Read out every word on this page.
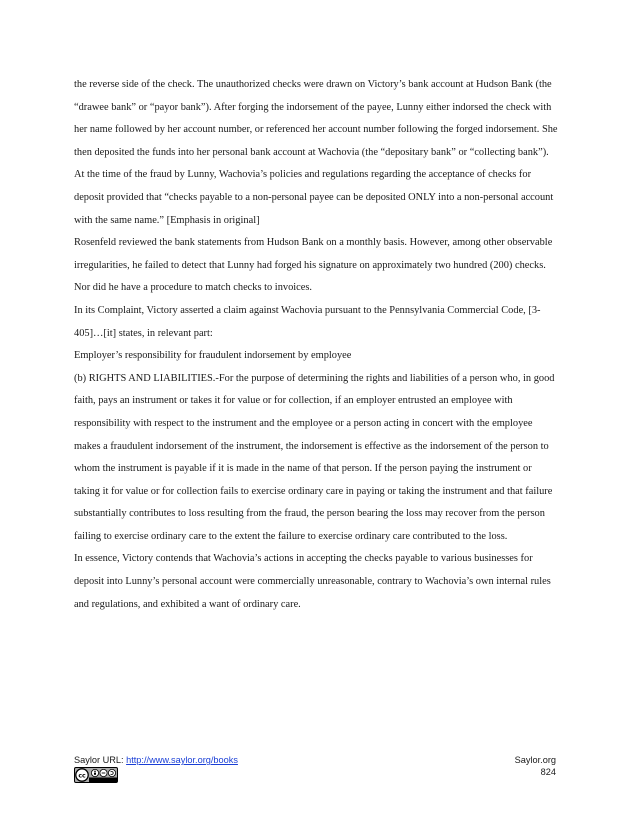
the reverse side of the check. The unauthorized checks were drawn on Victory’s bank account at Hudson Bank (the “drawee bank” or “payor bank”). After forging the indorsement of the payee, Lunny either indorsed the check with her name followed by her account number, or referenced her account number following the forged indorsement. She then deposited the funds into her personal bank account at Wachovia (the “depositary bank” or “collecting bank”).

At the time of the fraud by Lunny, Wachovia’s policies and regulations regarding the acceptance of checks for deposit provided that “checks payable to a non-personal payee can be deposited ONLY into a non-personal account with the same name.” [Emphasis in original]

Rosenfeld reviewed the bank statements from Hudson Bank on a monthly basis. However, among other observable irregularities, he failed to detect that Lunny had forged his signature on approximately two hundred (200) checks. Nor did he have a procedure to match checks to invoices.

In its Complaint, Victory asserted a claim against Wachovia pursuant to the Pennsylvania Commercial Code, [3-405]…[it] states, in relevant part:

Employer’s responsibility for fraudulent indorsement by employee

(b) RIGHTS AND LIABILITIES.-For the purpose of determining the rights and liabilities of a person who, in good faith, pays an instrument or takes it for value or for collection, if an employer entrusted an employee with responsibility with respect to the instrument and the employee or a person acting in concert with the employee makes a fraudulent indorsement of the instrument, the indorsement is effective as the indorsement of the person to whom the instrument is payable if it is made in the name of that person. If the person paying the instrument or taking it for value or for collection fails to exercise ordinary care in paying or taking the instrument and that failure substantially contributes to loss resulting from the fraud, the person bearing the loss may recover from the person failing to exercise ordinary care to the extent the failure to exercise ordinary care contributed to the loss.

In essence, Victory contends that Wachovia’s actions in accepting the checks payable to various businesses for deposit into Lunny’s personal account were commercially unreasonable, contrary to Wachovia’s own internal rules and regulations, and exhibited a want of ordinary care.

Saylor URL: http://www.saylor.org/books
cc
Saylor.org
824
